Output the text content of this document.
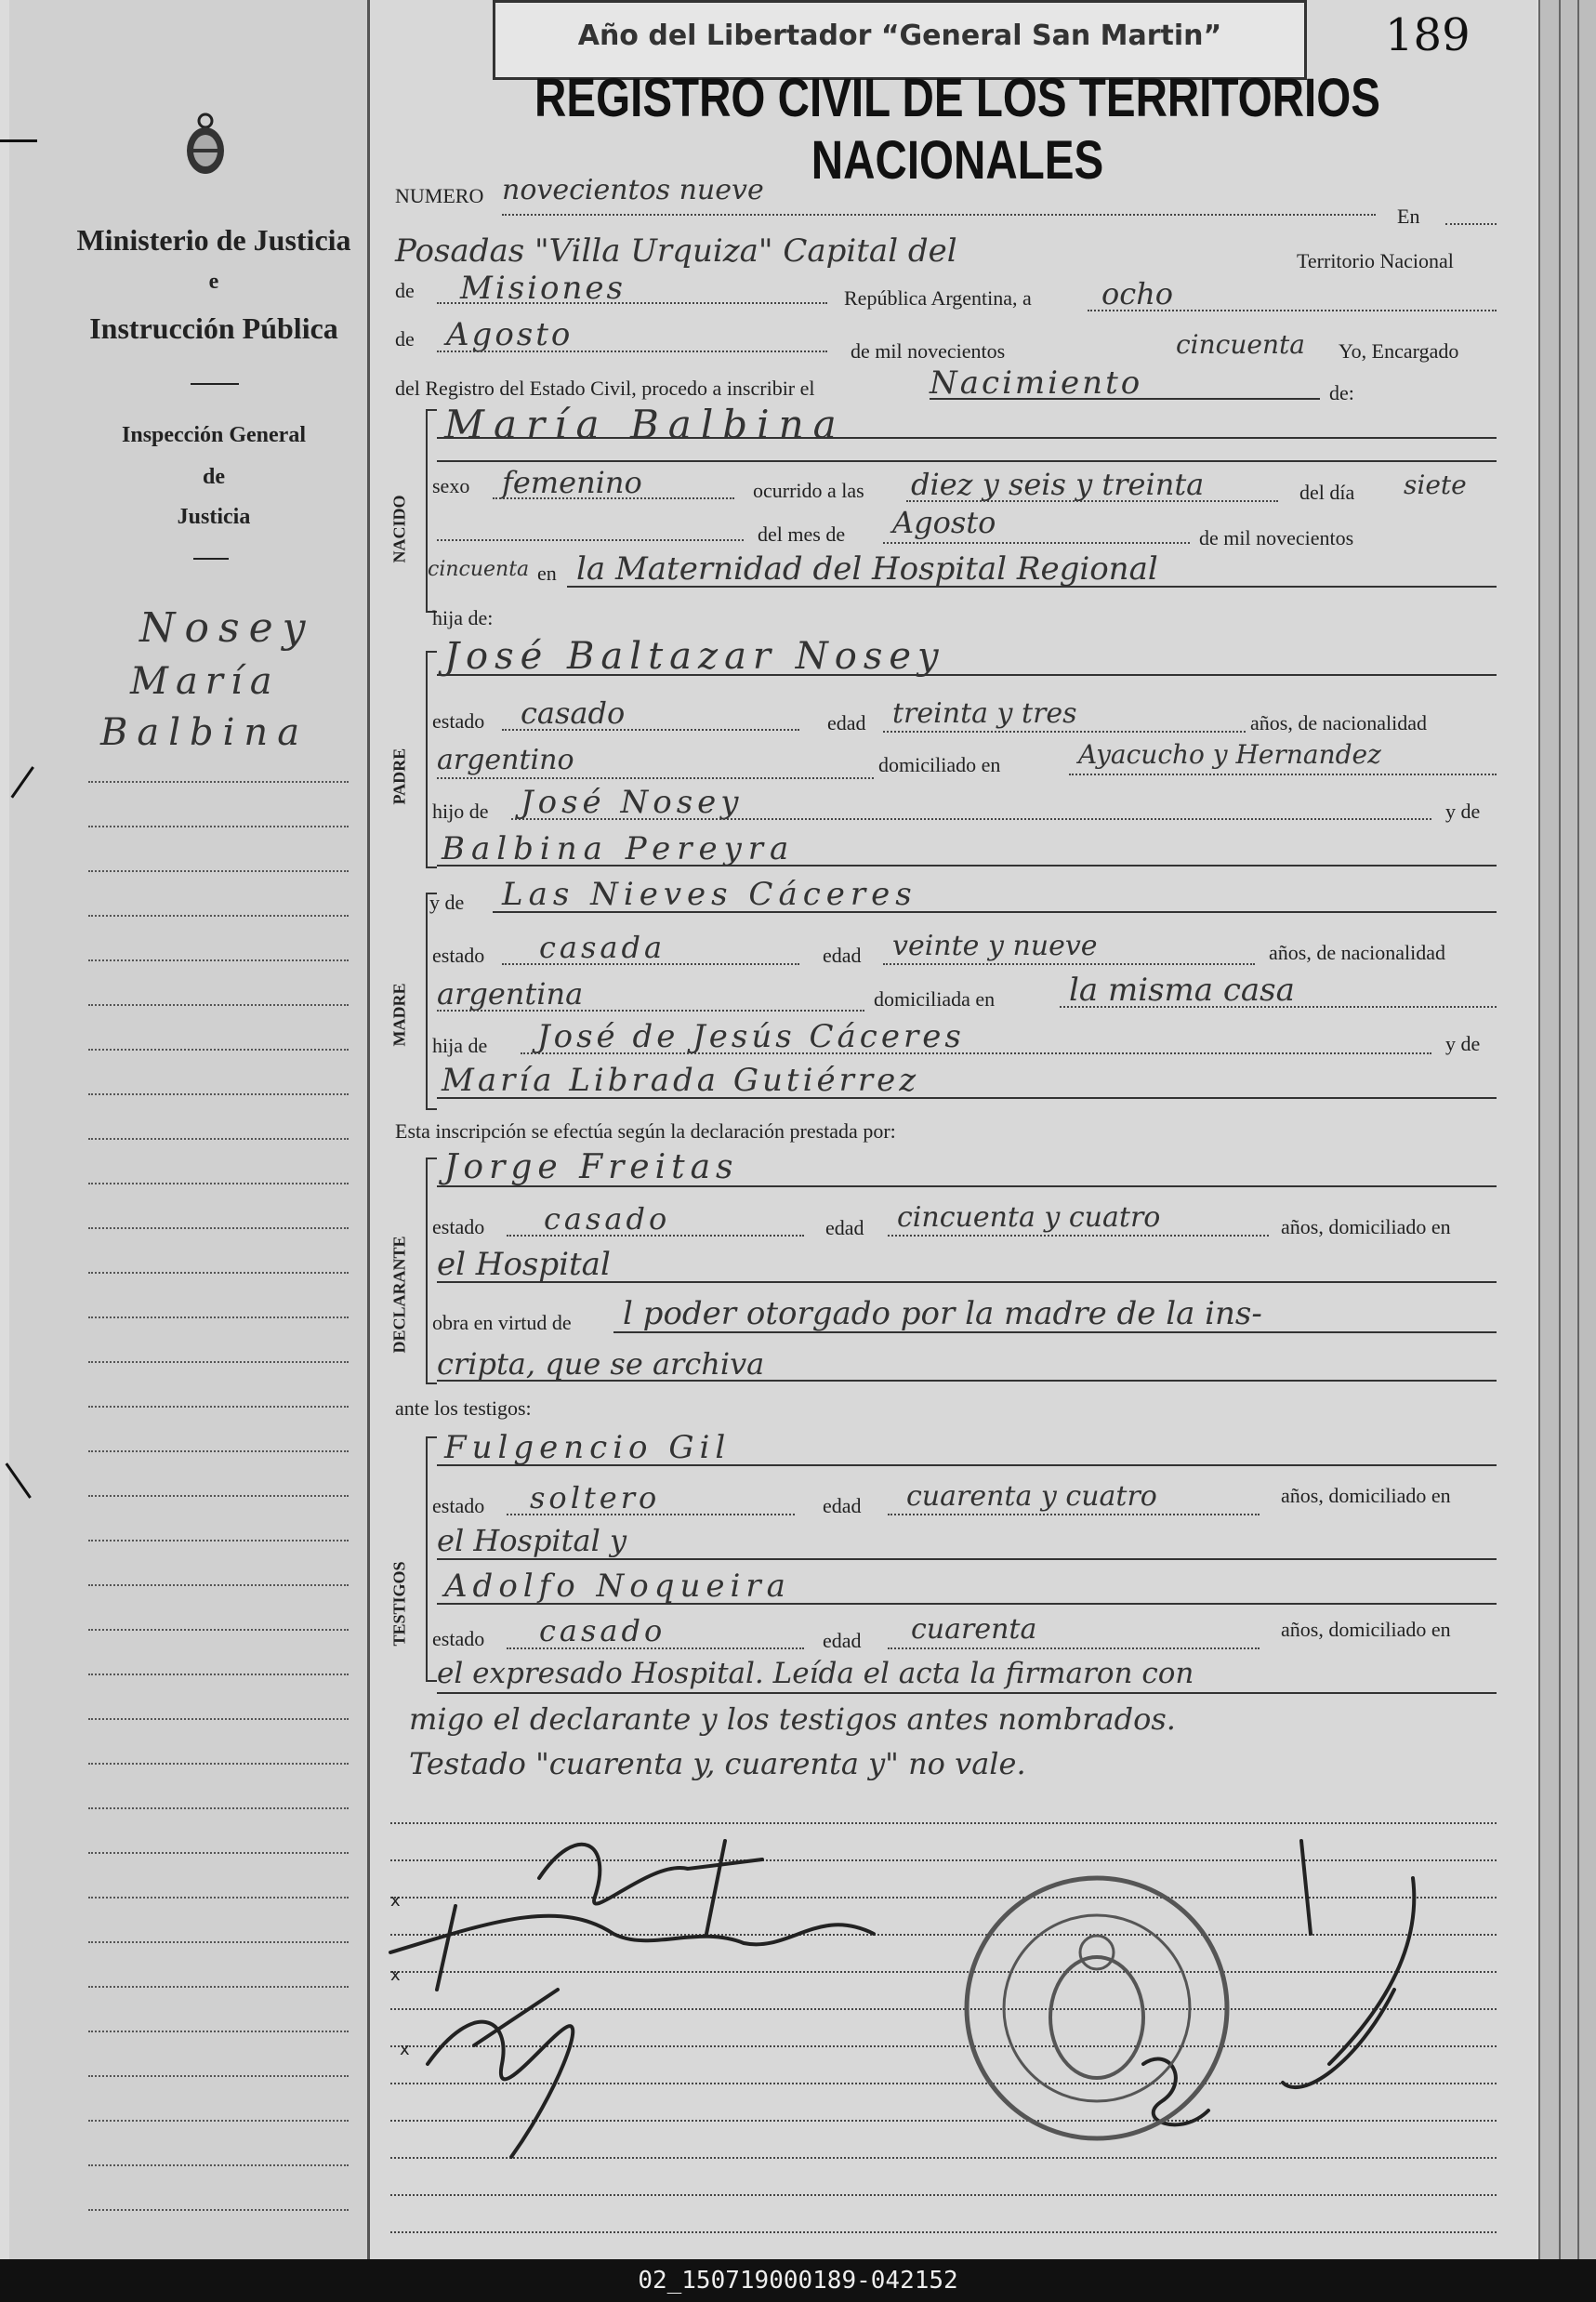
Ministerio de Justicia
e
Instrucción Pública
Inspección General
de
Justicia
Nosey
María
Balbina
Año del Libertador “General San Martin”	189
REGISTRO CIVIL DE LOS TERRITORIOS NACIONALES
NUMERO novecientos nueve
En
Posadas "Villa Urquiza" Capital del	Territorio Nacional
de Misiones	República Argentina, a ocho
de Agosto	de mil novecientos	cincuenta Yo, Encargado
del Registro del Estado Civil, procedo a inscribir el	Nacimiento	de:
NACIDO
María Balbina
sexo femenino	ocurrido a las diez y seis y treinta	del día siete
del mes de Agosto	de mil novecientos
cincuenta en la Maternidad del Hospital Regional
hija de:
PADRE
José Baltazar Nosey
estado casado	edad treinta y tres	años, de nacionalidad
argentino	domiciliado en	Ayacucho y Hernandez
hijo de José Nosey	y de
Balbina Pereyra
MADRE
y de Las Nieves Cáceres
estado casada	edad veinte y nueve	años, de nacionalidad
argentina	domiciliada en la misma casa
hija de José de Jesús Cáceres	y de
María Librada Gutiérrez
Esta inscripción se efectúa según la declaración prestada por:
DECLARANTE
Jorge Freitas
estado casado	edad cincuenta y cuatro	años, domiciliado en
el Hospital
obra en virtud de l poder otorgado por la madre de la ins-
cripta, que se archiva
ante los testigos:
TESTIGOS
Fulgencio Gil
estado soltero	edad cuarenta y cuatro	años, domiciliado en
el Hospital y
Adolfo Noqueira
estado casado	edad cuarenta	años, domiciliado en
el expresado Hospital. Leída el acta la firmaron con
migo el declarante y los testigos antes nombrados.
Testado "cuarenta y, cuarenta y" no vale.
x
x
x
02_150719000189-042152
